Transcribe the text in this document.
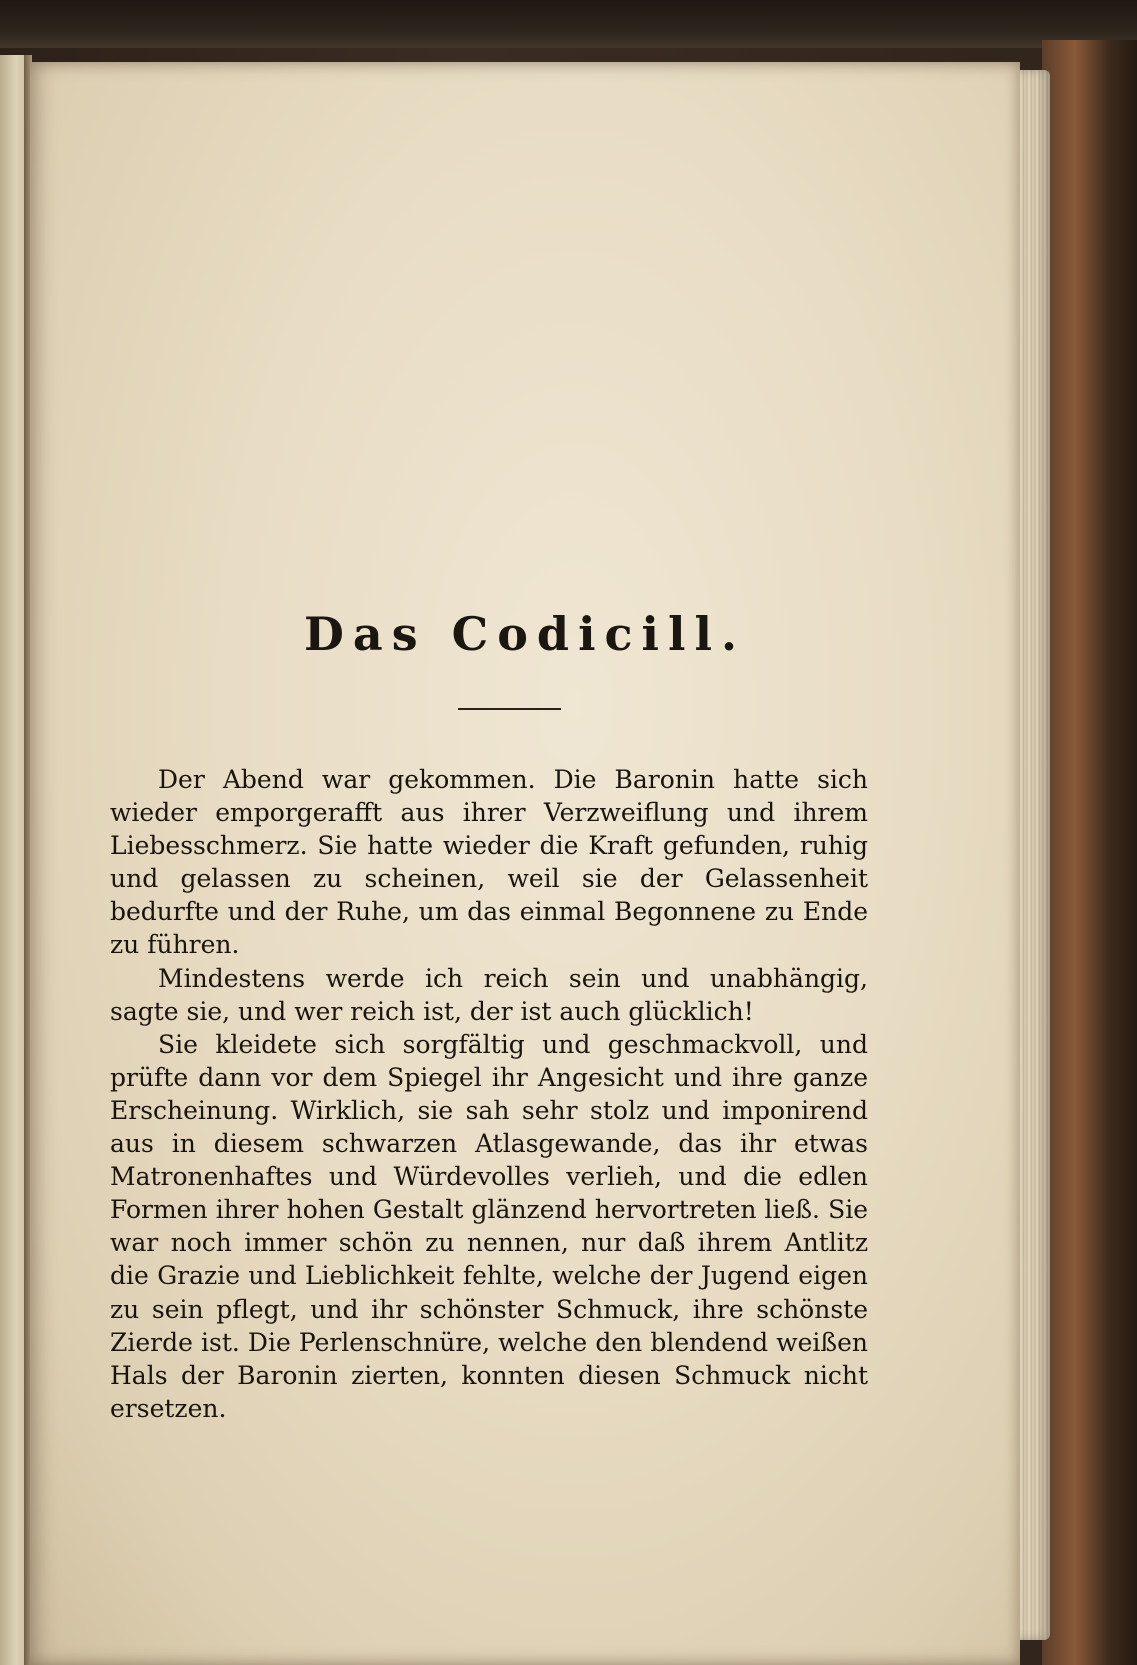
Das Codicill.

Der Abend war gekommen. Die Baronin hatte sich wieder emporgerafft aus ihrer Verzweiflung und ihrem Liebesschmerz. Sie hatte wieder die Kraft gefunden, ruhig und gelassen zu scheinen, weil sie der Gelassenheit bedurfte und der Ruhe, um das einmal Begonnene zu Ende zu führen.

Mindestens werde ich reich sein und unabhängig, sagte sie, und wer reich ist, der ist auch glücklich!

Sie kleidete sich sorgfältig und geschmackvoll, und prüfte dann vor dem Spiegel ihr Angesicht und ihre ganze Erscheinung. Wirklich, sie sah sehr stolz und imponirend aus in diesem schwarzen Atlasgewande, das ihr etwas Matronenhaftes und Würdevolles verlieh, und die edlen Formen ihrer hohen Gestalt glänzend hervortreten ließ. Sie war noch immer schön zu nennen, nur daß ihrem Antlitz die Grazie und Lieblichkeit fehlte, welche der Jugend eigen zu sein pflegt, und ihr schönster Schmuck, ihre schönste Zierde ist. Die Perlenschnüre, welche den blendend weißen Hals der Baronin zierten, konnten diesen Schmuck nicht ersetzen.
